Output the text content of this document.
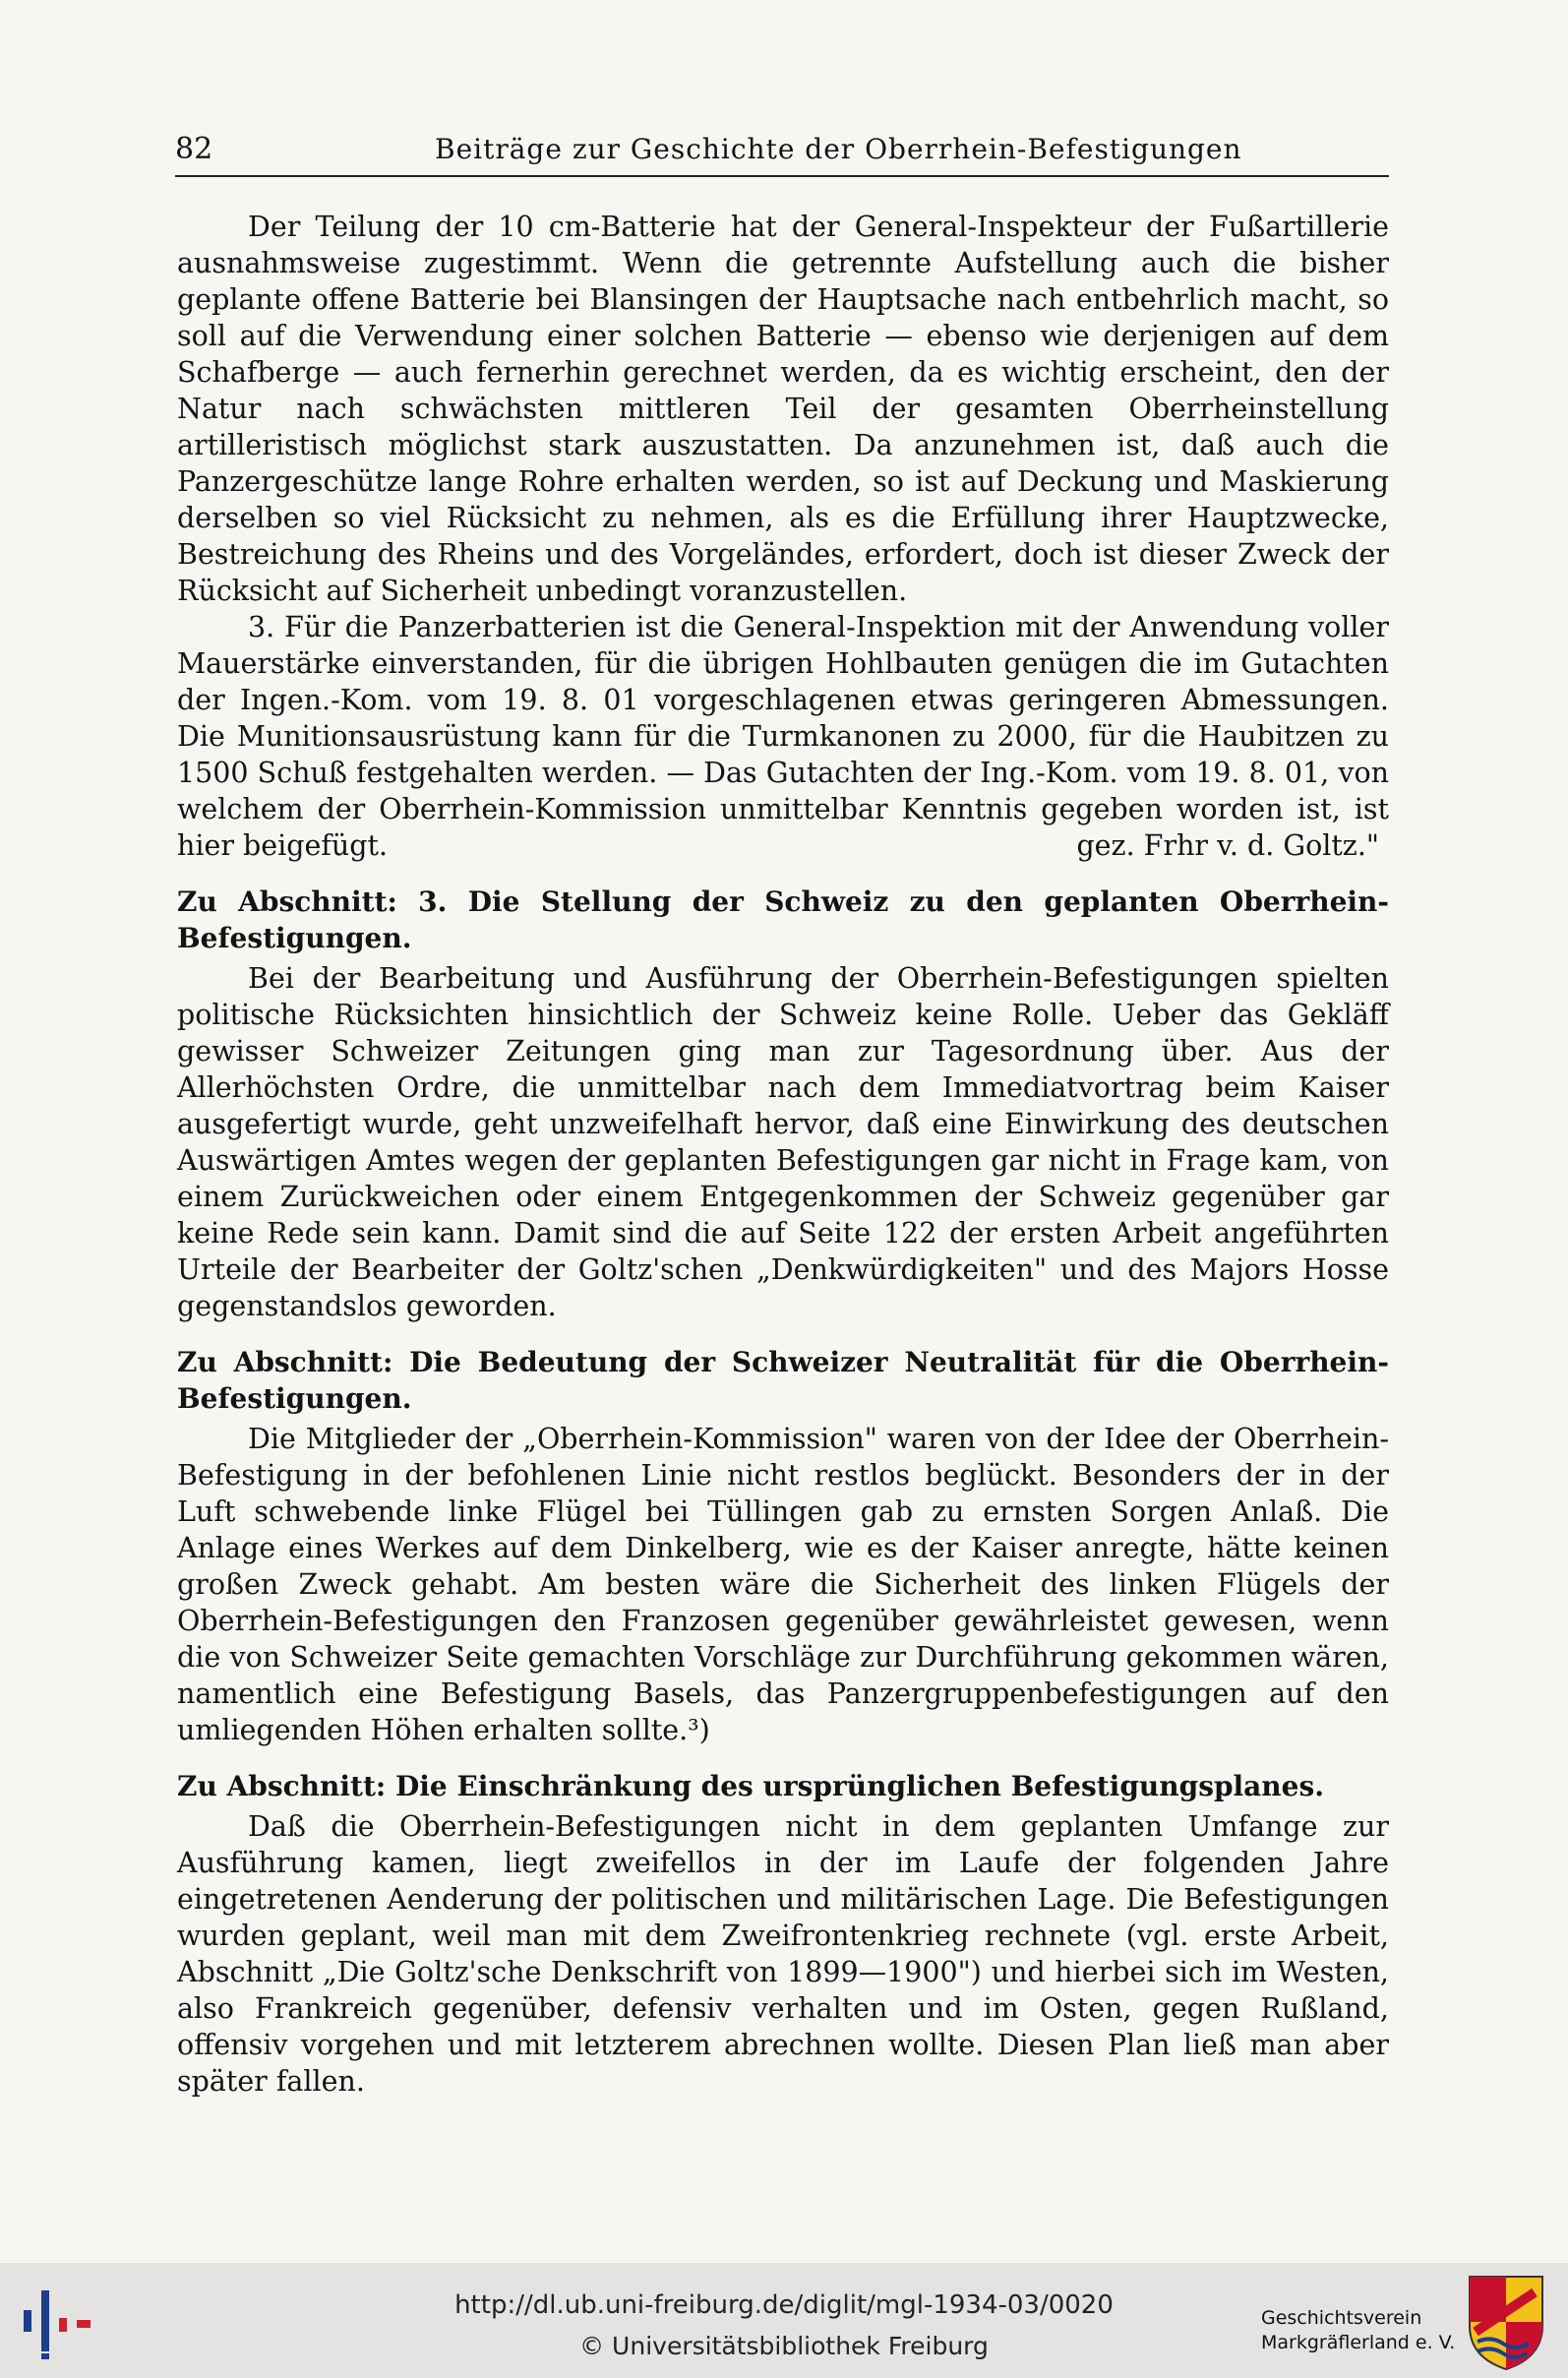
82	Beiträge zur Geschichte der Oberrhein-Befestigungen

Der Teilung der 10 cm-Batterie hat der General-Inspekteur der Fußartillerie ausnahmsweise zugestimmt. Wenn die getrennte Aufstellung auch die bisher geplante offene Batterie bei Blansingen der Hauptsache nach entbehrlich macht, so soll auf die Verwendung einer solchen Batterie — ebenso wie derjenigen auf dem Schafberge — auch fernerhin gerechnet werden, da es wichtig erscheint, den der Natur nach schwächsten mittleren Teil der gesamten Oberrheinstellung artilleristisch möglichst stark auszustatten. Da anzunehmen ist, daß auch die Panzergeschütze lange Rohre erhalten werden, so ist auf Deckung und Maskierung derselben so viel Rücksicht zu nehmen, als es die Erfüllung ihrer Hauptzwecke, Bestreichung des Rheins und des Vorgeländes, erfordert, doch ist dieser Zweck der Rücksicht auf Sicherheit unbedingt voranzustellen.

3. Für die Panzerbatterien ist die General-Inspektion mit der Anwendung voller Mauerstärke einverstanden, für die übrigen Hohlbauten genügen die im Gutachten der Ingen.-Kom. vom 19. 8. 01 vorgeschlagenen etwas geringeren Abmessungen. Die Munitionsausrüstung kann für die Turmkanonen zu 2000, für die Haubitzen zu 1500 Schuß festgehalten werden. — Das Gutachten der Ing.-Kom. vom 19. 8. 01, von welchem der Oberrhein-Kommission unmittelbar Kenntnis gegeben worden ist, ist hier beigefügt.	gez. Frhr v. d. Goltz."

Zu Abschnitt: 3. Die Stellung der Schweiz zu den geplanten Oberrhein-Befestigungen.

Bei der Bearbeitung und Ausführung der Oberrhein-Befestigungen spielten politische Rücksichten hinsichtlich der Schweiz keine Rolle. Ueber das Gekläff gewisser Schweizer Zeitungen ging man zur Tagesordnung über. Aus der Allerhöchsten Ordre, die unmittelbar nach dem Immediatvortrag beim Kaiser ausgefertigt wurde, geht unzweifelhaft hervor, daß eine Einwirkung des deutschen Auswärtigen Amtes wegen der geplanten Befestigungen gar nicht in Frage kam, von einem Zurückweichen oder einem Entgegenkommen der Schweiz gegenüber gar keine Rede sein kann. Damit sind die auf Seite 122 der ersten Arbeit angeführten Urteile der Bearbeiter der Goltz'schen „Denkwürdigkeiten" und des Majors Hosse gegenstandslos geworden.

Zu Abschnitt: Die Bedeutung der Schweizer Neutralität für die Oberrhein-Befestigungen.

Die Mitglieder der „Oberrhein-Kommission" waren von der Idee der Oberrhein-Befestigung in der befohlenen Linie nicht restlos beglückt. Besonders der in der Luft schwebende linke Flügel bei Tüllingen gab zu ernsten Sorgen Anlaß. Die Anlage eines Werkes auf dem Dinkelberg, wie es der Kaiser anregte, hätte keinen großen Zweck gehabt. Am besten wäre die Sicherheit des linken Flügels der Oberrhein-Befestigungen den Franzosen gegenüber gewährleistet gewesen, wenn die von Schweizer Seite gemachten Vorschläge zur Durchführung gekommen wären, namentlich eine Befestigung Basels, das Panzergruppenbefestigungen auf den umliegenden Höhen erhalten sollte.³)

Zu Abschnitt: Die Einschränkung des ursprünglichen Befestigungsplanes.

Daß die Oberrhein-Befestigungen nicht in dem geplanten Umfange zur Ausführung kamen, liegt zweifellos in der im Laufe der folgenden Jahre eingetretenen Aenderung der politischen und militärischen Lage. Die Befestigungen wurden geplant, weil man mit dem Zweifrontenkrieg rechnete (vgl. erste Arbeit, Abschnitt „Die Goltz'sche Denkschrift von 1899—1900") und hierbei sich im Westen, also Frankreich gegenüber, defensiv verhalten und im Osten, gegen Rußland, offensiv vorgehen und mit letzterem abrechnen wollte. Diesen Plan ließ man aber später fallen.

http://dl.ub.uni-freiburg.de/diglit/mgl-1934-03/0020
© Universitätsbibliothek Freiburg
Geschichtsverein
Markgräflerland e. V.
